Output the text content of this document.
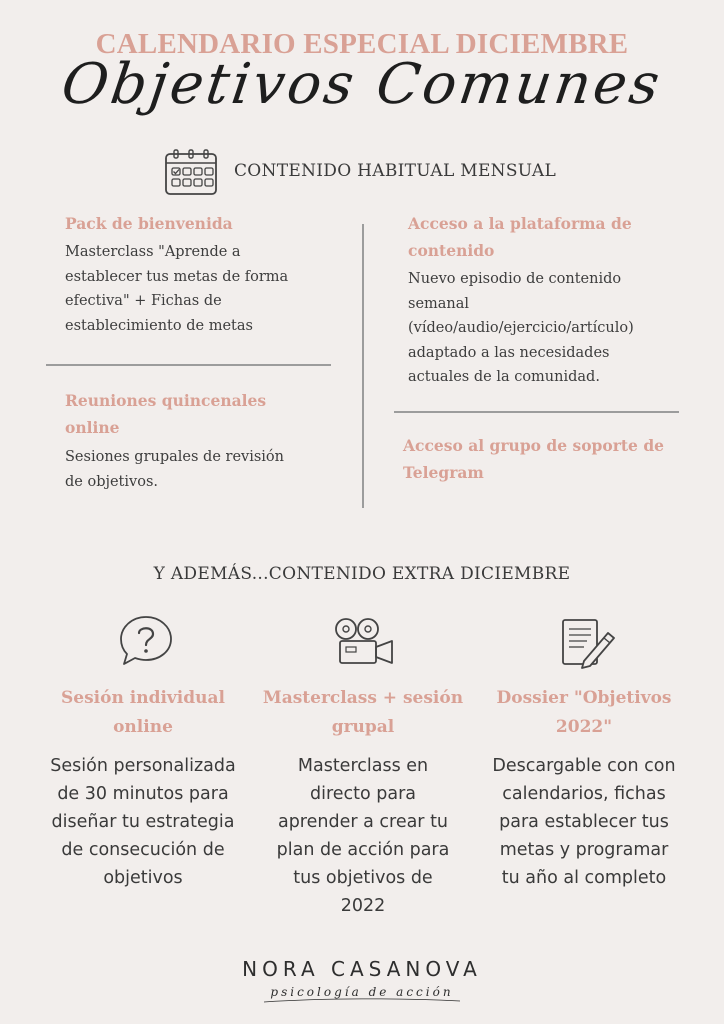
CALENDARIO ESPECIAL DICIEMBRE
Objetivos Comunes
CONTENIDO HABITUAL MENSUAL
Pack de bienvenida
Masterclass "Aprende a
establecer tus metas de forma
efectiva" + Fichas de
establecimiento de metas
Acceso a la plataforma de
contenido
Nuevo episodio de contenido
semanal
(vídeo/audio/ejercicio/artículo)
adaptado a las necesidades
actuales de la comunidad.
Reuniones quincenales
online
Sesiones grupales de revisión
de objetivos.
Acceso al grupo de soporte de
Telegram
Y ADEMÁS...CONTENIDO EXTRA DICIEMBRE
Sesión individual
online
Sesión personalizada
de 30 minutos para
diseñar tu estrategia
de consecución de
objetivos
Masterclass + sesión
grupal
Masterclass en
directo para
aprender a crear tu
plan de acción para
tus objetivos de
2022
Dossier "Objetivos
2022"
Descargable con con
calendarios, fichas
para establecer tus
metas y programar
tu año al completo
NORA CASANOVA
psicología de acción
